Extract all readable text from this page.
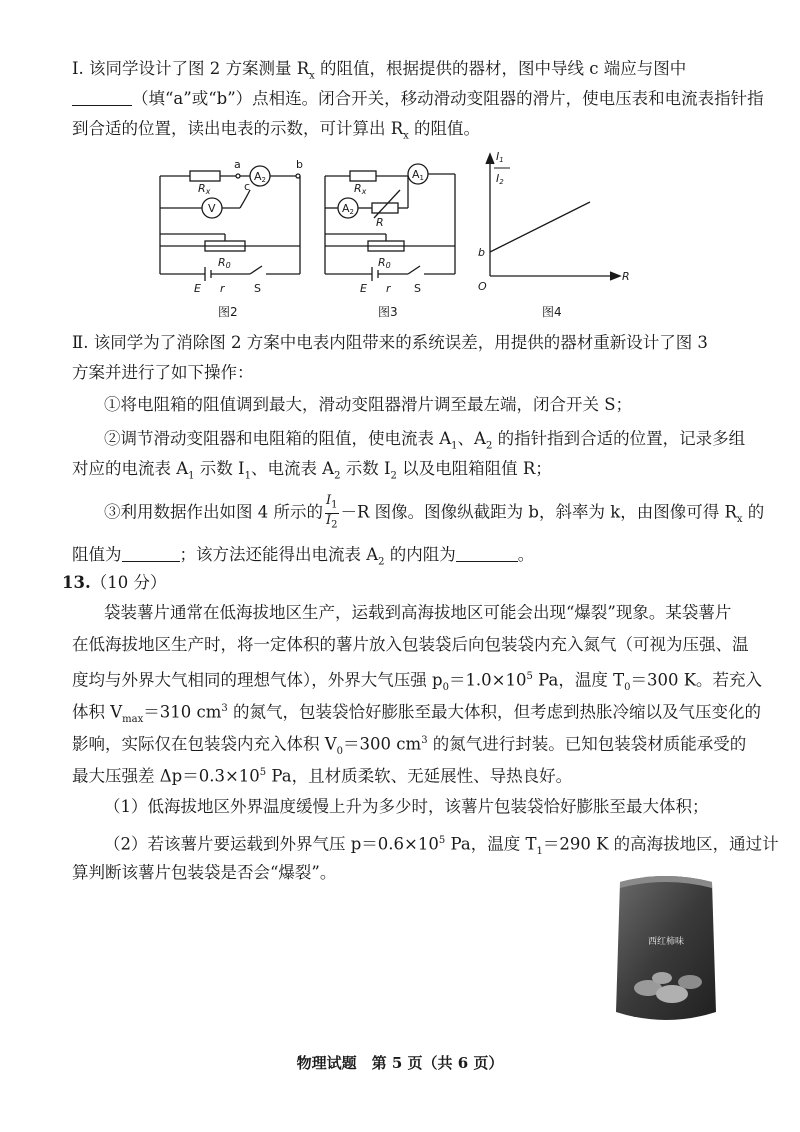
Ⅰ. 该同学设计了图 2 方案测量 $R_x$ 的阻值，根据提供的器材，图中导线 c 端应与图中
（填“a”或“b”）点相连。闭合开关，移动滑动变阻器的滑片，使电压表和电流表指针指
到合适的位置，读出电表的示数，可计算出 $R_x$ 的阻值。
Rx
a	b
c
A2
V
R0
E r	S
Rx
A1
A2
R
R0
E r S
I1
I2
b
O
R
图2	图3	图4
Ⅱ. 该同学为了消除图 2 方案中电表内阻带来的系统误差，用提供的器材重新设计了图 3
方案并进行了如下操作：
①将电阻箱的阻值调到最大，滑动变阻器滑片调至最左端，闭合开关 S；
②调节滑动变阻器和电阻箱的阻值，使电流表 $A_1$、$A_2$ 的指针指到合适的位置，记录多组
对应的电流表 $A_1$ 示数 $I_1$、电流表 $A_2$ 示数 $I_2$ 以及电阻箱阻值 R；
③利用数据作出如图 4 所示的 $\frac{I_1}{I_2} -R$ 图像。图像纵截距为 b，斜率为 k，由图像可得 $R_x$ 的
阻值为	；该方法还能得出电流表 $A_2$ 的内阻为	。
13.（10 分）
袋装薯片通常在低海拔地区生产，运载到高海拔地区可能会出现“爆裂”现象。某袋薯片
在低海拔地区生产时，将一定体积的薯片放入包装袋后向包装袋内充入氮气（可视为压强、温
度均与外界大气相同的理想气体），外界大气压强 $p_0=1.0\times 10^5$ Pa，温度 $T_0=300$ K。若充入
体积 $V_{max}=310$ $cm^3$ 的氮气，包装袋恰好膨胀至最大体积，但考虑到热胀冷缩以及气压变化的
影响，实际仅在包装袋内充入体积 $V_0=300$ $cm^3$ 的氮气进行封装。已知包装袋材质能承受的
最大压强差 $\Delta p=0.3\times 10^5$ Pa，且材质柔软、无延展性、导热良好。
（1）低海拔地区外界温度缓慢上升为多少时，该薯片包装袋恰好膨胀至最大体积；
（2）若该薯片要运载到外界气压 $p=0.6\times 10^5$ Pa，温度 $T_1=290$ K 的高海拔地区，通过计
算判断该薯片包装袋是否会“爆裂”。
西红柿味
物理试题　第 5 页（共 6 页）
